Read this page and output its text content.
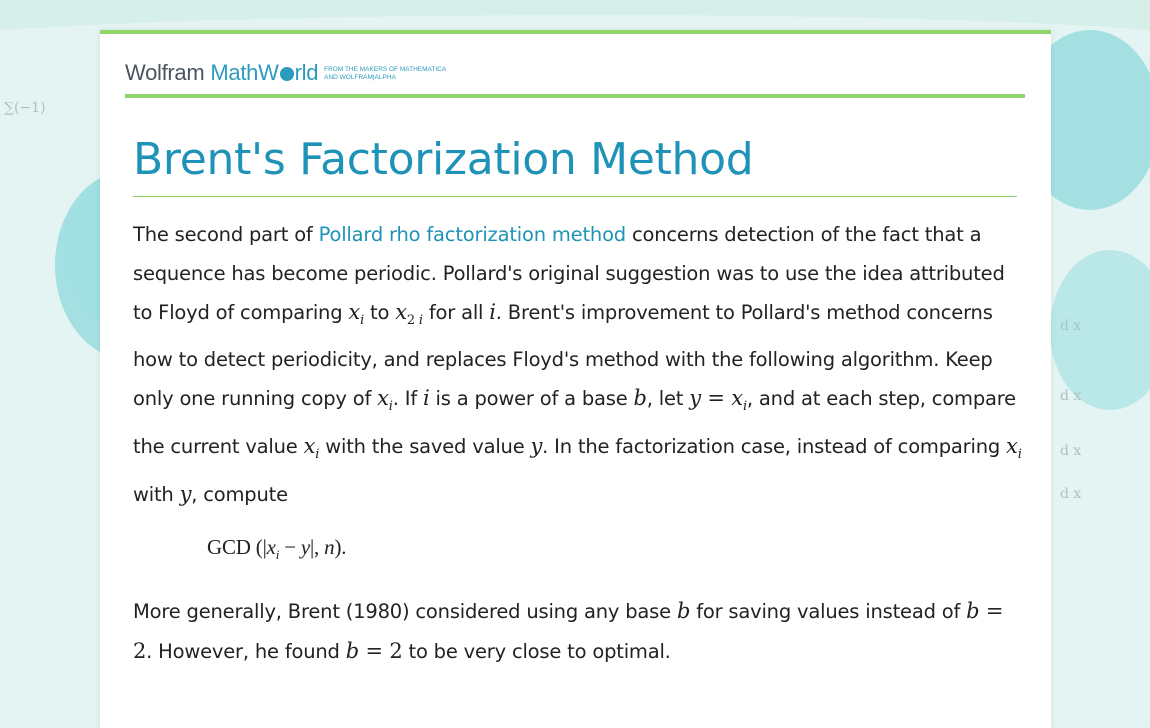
∑(−1)
d x
d x
d x
d x
Wolfram MathW rld FROM THE MAKERS OF MATHEMATICA
AND WOLFRAM|ALPHA
Brent's Factorization Method

The second part of Pollard rho factorization method concerns detection of the fact that a sequence has become periodic. Pollard's original suggestion was to use the idea attributed to Floyd of comparing $x_i$ to $x_{2 i}$ for all i. Brent's improvement to Pollard's method concerns how to detect periodicity, and replaces Floyd's method with the following algorithm. Keep only one running copy of $x_i$. If i is a power of a base b, let $y = x_i$, and at each step, compare the current value $x_i$ with the saved value y. In the factorization case, instead of comparing $x_i$ with y, compute

GCD ($|x_i - y|$, n).

More generally, Brent (1980) considered using any base b for saving values instead of b = 2. However, he found b = 2 to be very close to optimal.
